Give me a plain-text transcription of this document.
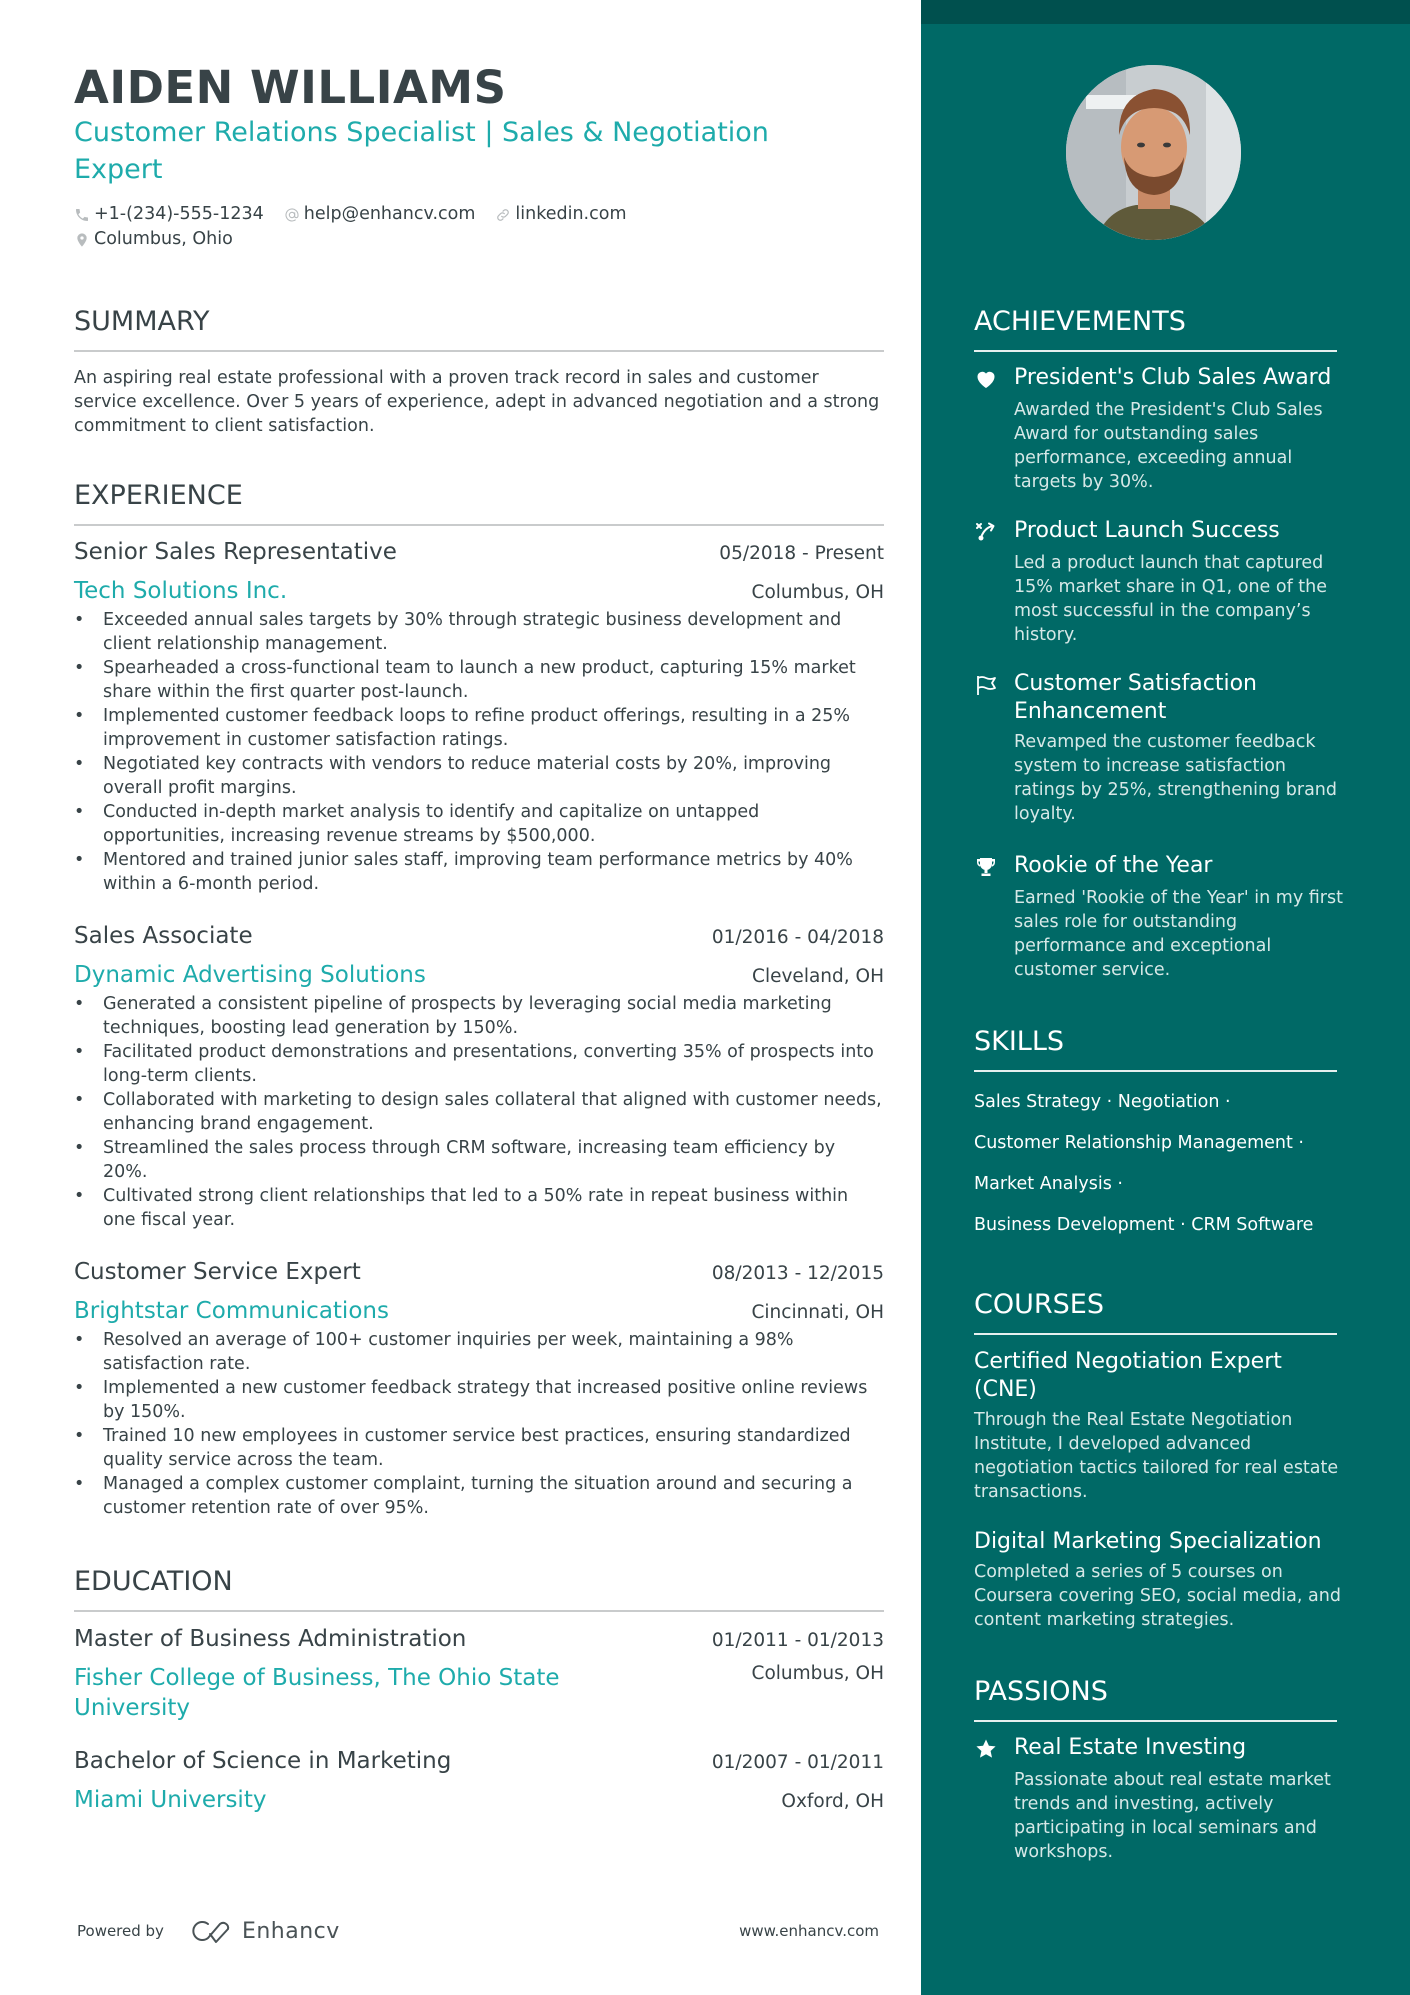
AIDEN WILLIAMS
Customer Relations Specialist | Sales & Negotiation Expert
+1-(234)-555-1234 help@enhancv.com linkedin.com
Columbus, Ohio
SUMMARY
An aspiring real estate professional with a proven track record in sales and customer service excellence. Over 5 years of experience, adept in advanced negotiation and a strong commitment to client satisfaction.
EXPERIENCE
Senior Sales Representative	05/2018 - Present
Tech Solutions Inc.	Columbus, OH
• Exceeded annual sales targets by 30% through strategic business development and client relationship management.
• Spearheaded a cross-functional team to launch a new product, capturing 15% market share within the first quarter post-launch.
• Implemented customer feedback loops to refine product offerings, resulting in a 25% improvement in customer satisfaction ratings.
• Negotiated key contracts with vendors to reduce material costs by 20%, improving overall profit margins.
• Conducted in-depth market analysis to identify and capitalize on untapped opportunities, increasing revenue streams by $500,000.
• Mentored and trained junior sales staff, improving team performance metrics by 40% within a 6-month period.
Sales Associate	01/2016 - 04/2018
Dynamic Advertising Solutions	Cleveland, OH
• Generated a consistent pipeline of prospects by leveraging social media marketing techniques, boosting lead generation by 150%.
• Facilitated product demonstrations and presentations, converting 35% of prospects into long-term clients.
• Collaborated with marketing to design sales collateral that aligned with customer needs, enhancing brand engagement.
• Streamlined the sales process through CRM software, increasing team efficiency by 20%.
• Cultivated strong client relationships that led to a 50% rate in repeat business within one fiscal year.
Customer Service Expert	08/2013 - 12/2015
Brightstar Communications	Cincinnati, OH
• Resolved an average of 100+ customer inquiries per week, maintaining a 98% satisfaction rate.
• Implemented a new customer feedback strategy that increased positive online reviews by 150%.
• Trained 10 new employees in customer service best practices, ensuring standardized quality service across the team.
• Managed a complex customer complaint, turning the situation around and securing a customer retention rate of over 95%.
EDUCATION
Master of Business Administration	01/2011 - 01/2013
Fisher College of Business, The Ohio State University
Columbus, OH
Bachelor of Science in Marketing	01/2007 - 01/2011
Miami University	Oxford, OH
Powered by	Enhancv	www.enhancv.com
ACHIEVEMENTS
President's Club Sales Award
Awarded the President's Club Sales Award for outstanding sales performance, exceeding annual targets by 30%.
Product Launch Success
Led a product launch that captured 15% market share in Q1, one of the most successful in the company’s history.
Customer Satisfaction Enhancement
Revamped the customer feedback system to increase satisfaction ratings by 25%, strengthening brand loyalty.
Rookie of the Year
Earned 'Rookie of the Year' in my first sales role for outstanding performance and exceptional customer service.
SKILLS
Sales Strategy · Negotiation ·
Customer Relationship Management ·
Market Analysis ·
Business Development · CRM Software
COURSES
Certified Negotiation Expert (CNE)
Through the Real Estate Negotiation Institute, I developed advanced negotiation tactics tailored for real estate transactions.
Digital Marketing Specialization
Completed a series of 5 courses on Coursera covering SEO, social media, and content marketing strategies.
PASSIONS
Real Estate Investing
Passionate about real estate market trends and investing, actively participating in local seminars and workshops.
